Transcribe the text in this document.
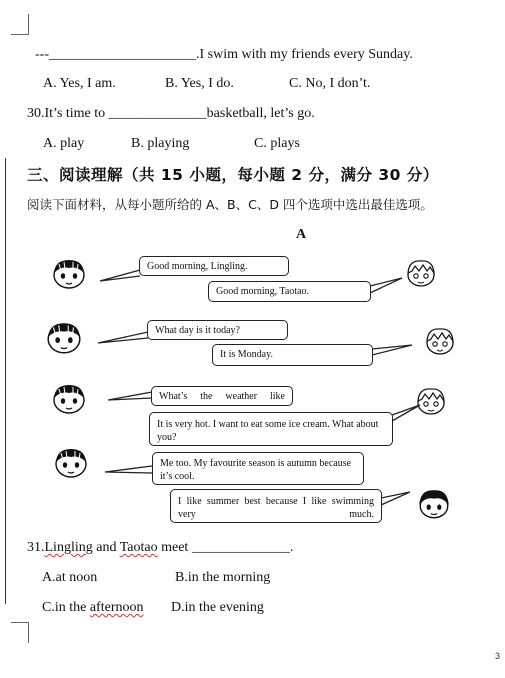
---_____________________.I swim with my friends every Sunday.
A. Yes, I am.	B. Yes, I do.	C. No, I don’t.
30.It’s time to ______________basketball, let’s go.
A. play	B. playing	C. plays
三、阅读理解（共 15 小题，每小题 2 分，满分 30 分）
阅读下面材料，从每小题所给的 A、B、C、D 四个选项中选出最佳选项。
A
Good morning, Lingling.
Good morning, Taotao.
What day is it today?
It is Monday.
What’s the weather like
It is very hot. I want to eat some ice cream. What about you?
Me too. My favourite season is autumn because it’s cool.
I like summer best because I like swimming very much.
31.Lingling and Taotao meet ______________.
A.at noon	B.in the morning
C.in the afternoon D.in the evening
3
